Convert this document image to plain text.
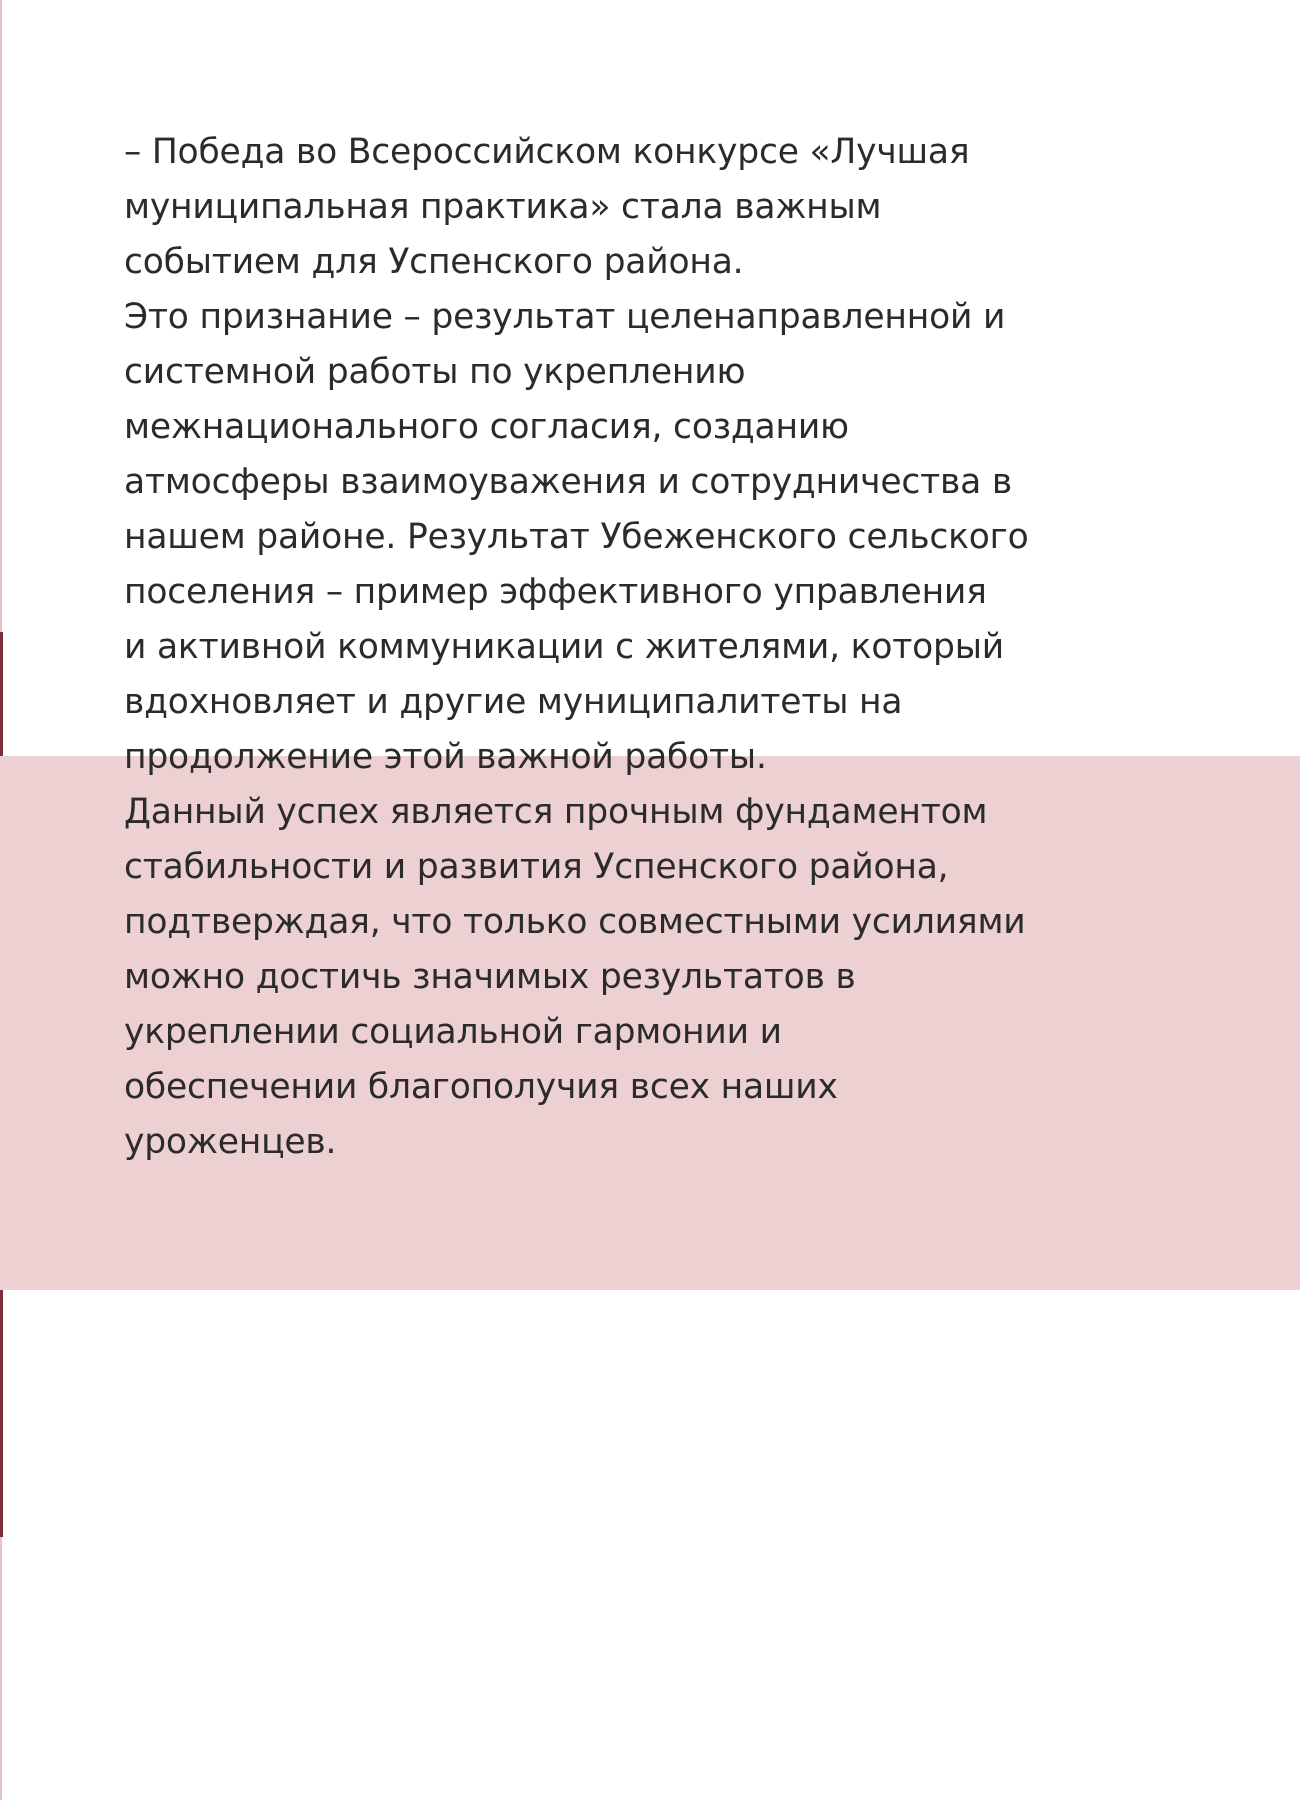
– Победа во Всероссийском конкурсе «Лучшая
муниципальная практика» стала важным
событием для Успенского района.
Это признание – результат целенаправленной и
системной работы по укреплению
межнационального согласия, созданию
атмосферы взаимоуважения и сотрудничества в
нашем районе. Результат Убеженского сельского
поселения – пример эффективного управления
и активной коммуникации с жителями, который
вдохновляет и другие муниципалитеты на
продолжение этой важной работы.
Данный успех является прочным фундаментом
стабильности и развития Успенского района,
подтверждая, что только совместными усилиями
можно достичь значимых результатов в
укреплении социальной гармонии и
обеспечении благополучия всех наших
уроженцев.
